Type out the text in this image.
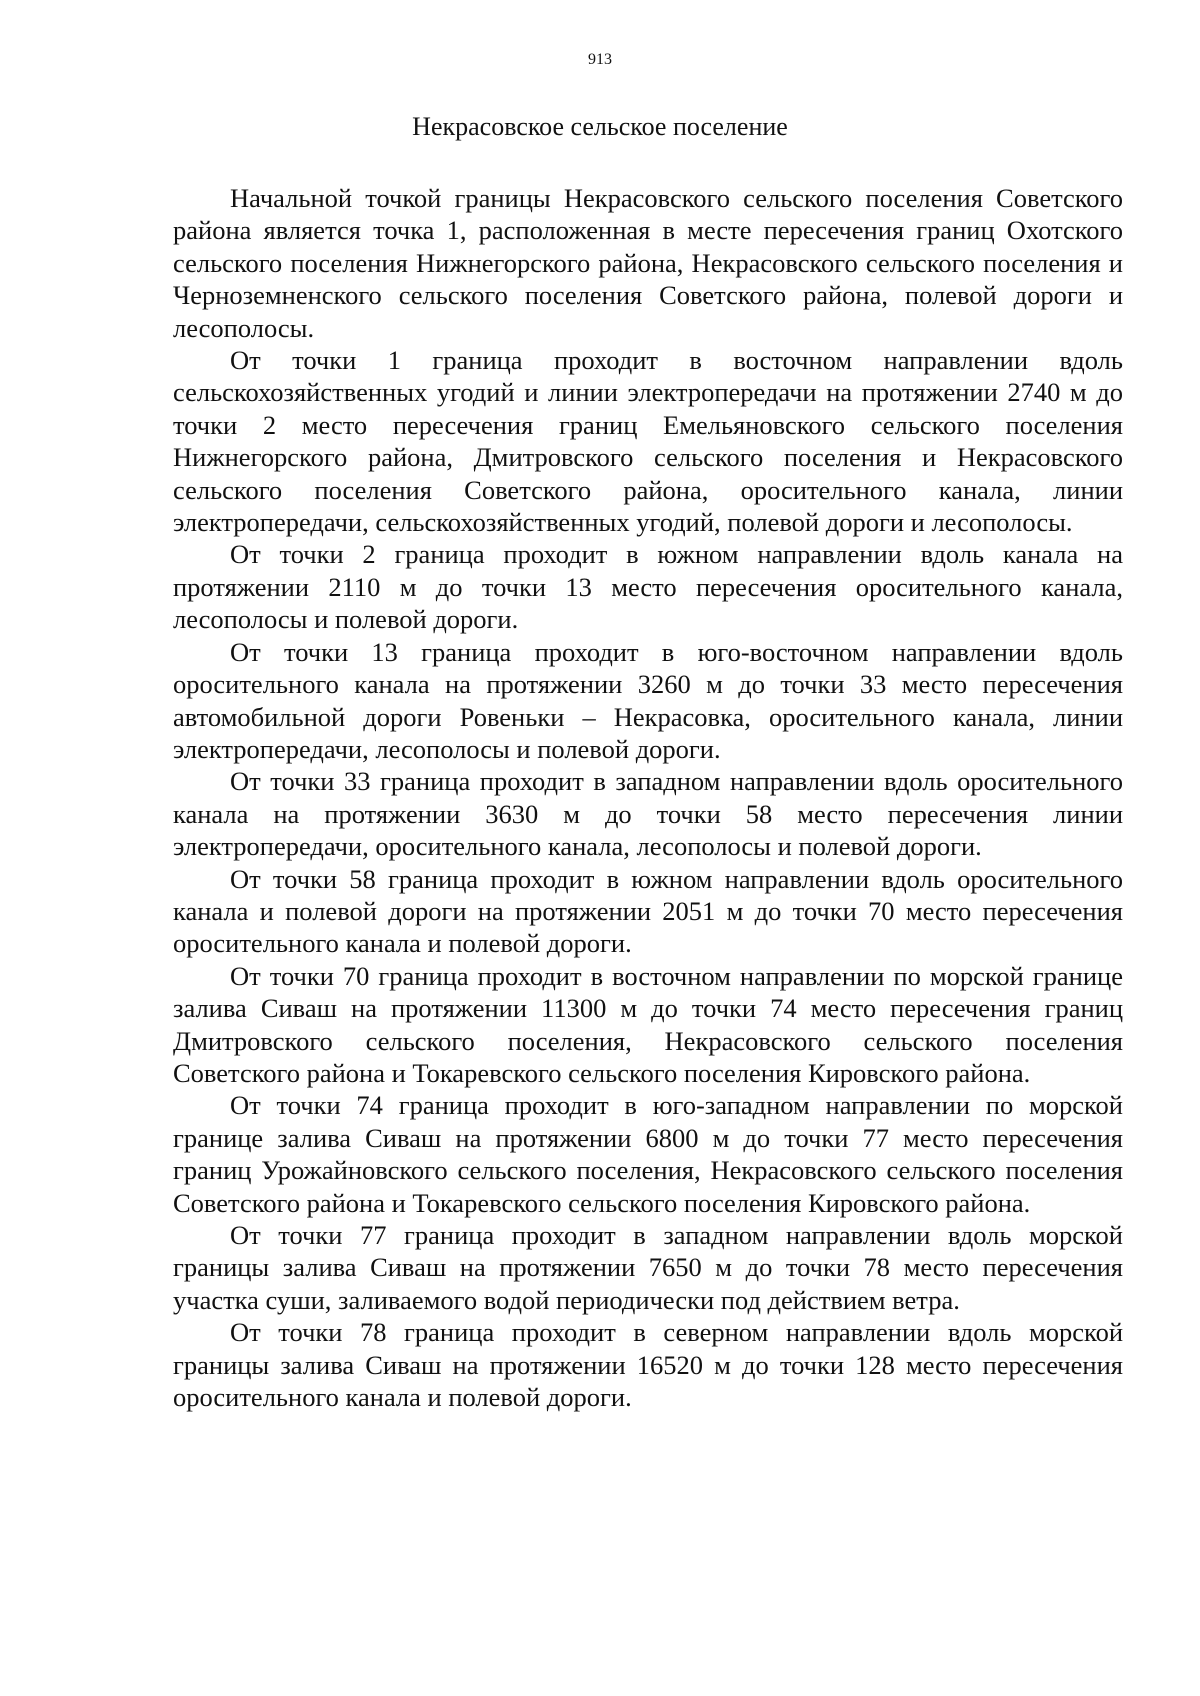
913
Некрасовское сельское поселение

Начальной точкой границы Некрасовского сельского поселения Советского района является точка 1, расположенная в месте пересечения границ Охотского сельского поселения Нижнегорского района, Некрасовского сельского поселения и Черноземненского сельского поселения Советского района, полевой дороги и лесополосы.

От точки 1 граница проходит в восточном направлении вдоль сельскохозяйственных угодий и линии электропередачи на протяжении 2740 м до точки 2 место пересечения границ Емельяновского сельского поселения Нижнегорского района, Дмитровского сельского поселения и Некрасовского сельского поселения Советского района, оросительного канала, линии электропередачи, сельскохозяйственных угодий, полевой дороги и лесополосы.

От точки 2 граница проходит в южном направлении вдоль канала на протяжении 2110 м до точки 13 место пересечения оросительного канала, лесополосы и полевой дороги.

От точки 13 граница проходит в юго-восточном направлении вдоль оросительного канала на протяжении 3260 м до точки 33 место пересечения автомобильной дороги Ровеньки – Некрасовка, оросительного канала, линии электропередачи, лесополосы и полевой дороги.

От точки 33 граница проходит в западном направлении вдоль оросительного канала на протяжении 3630 м до точки 58 место пересечения линии электропередачи, оросительного канала, лесополосы и полевой дороги.

От точки 58 граница проходит в южном направлении вдоль оросительного канала и полевой дороги на протяжении 2051 м до точки 70 место пересечения оросительного канала и полевой дороги.

От точки 70 граница проходит в восточном направлении по морской границе залива Сиваш на протяжении 11300 м до точки 74 место пересечения границ Дмитровского сельского поселения, Некрасовского сельского поселения Советского района и Токаревского сельского поселения Кировского района.

От точки 74 граница проходит в юго-западном направлении по морской границе залива Сиваш на протяжении 6800 м до точки 77 место пересечения границ Урожайновского сельского поселения, Некрасовского сельского поселения Советского района и Токаревского сельского поселения Кировского района.

От точки 77 граница проходит в западном направлении вдоль морской границы залива Сиваш на протяжении 7650 м до точки 78 место пересечения участка суши, заливаемого водой периодически под действием ветра.

От точки 78 граница проходит в северном направлении вдоль морской границы залива Сиваш на протяжении 16520 м до точки 128 место пересечения оросительного канала и полевой дороги.
